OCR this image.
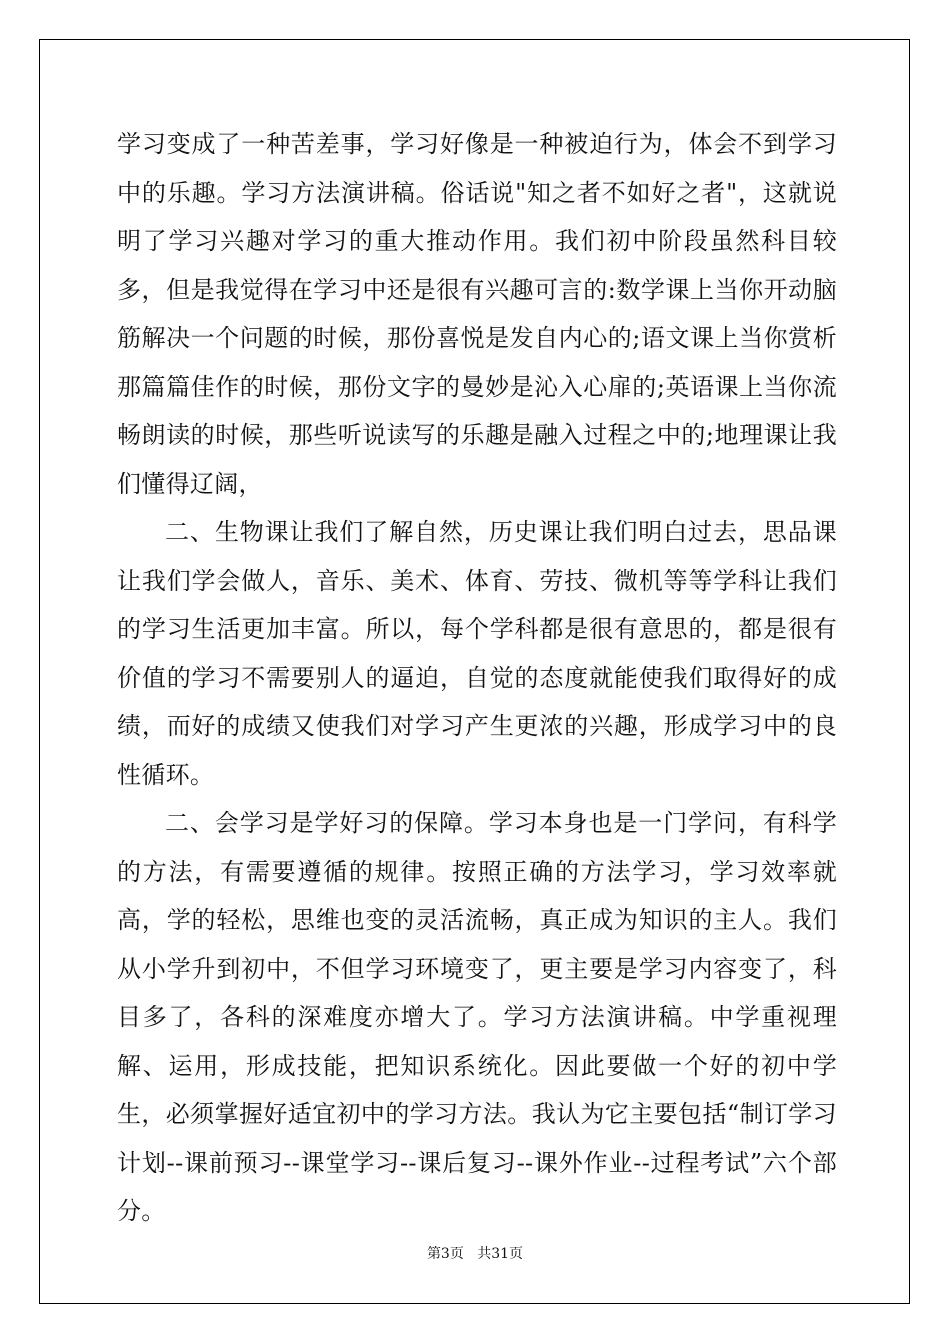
学习变成了一种苦差事，学习好像是一种被迫行为，体会不到学习中的乐趣。学习方法演讲稿。俗话说"知之者不如好之者"，这就说明了学习兴趣对学习的重大推动作用。我们初中阶段虽然科目较多，但是我觉得在学习中还是很有兴趣可言的:数学课上当你开动脑筋解决一个问题的时候，那份喜悦是发自内心的;语文课上当你赏析那篇篇佳作的时候，那份文字的曼妙是沁入心扉的;英语课上当你流畅朗读的时候，那些听说读写的乐趣是融入过程之中的;地理课让我们懂得辽阔，

二、生物课让我们了解自然，历史课让我们明白过去，思品课让我们学会做人，音乐、美术、体育、劳技、微机等等学科让我们的学习生活更加丰富。所以，每个学科都是很有意思的，都是很有价值的学习不需要别人的逼迫，自觉的态度就能使我们取得好的成绩，而好的成绩又使我们对学习产生更浓的兴趣，形成学习中的良性循环。

二、会学习是学好习的保障。学习本身也是一门学问，有科学的方法，有需要遵循的规律。按照正确的方法学习，学习效率就高，学的轻松，思维也变的灵活流畅，真正成为知识的主人。我们从小学升到初中，不但学习环境变了，更主要是学习内容变了，科目多了，各科的深难度亦增大了。学习方法演讲稿。中学重视理解、运用，形成技能，把知识系统化。因此要做一个好的初中学生，必须掌握好适宜初中的学习方法。我认为它主要包括“制订学习计划--课前预习--课堂学习--课后复习--课外作业--过程考试”六个部分。

第3页 共31页
